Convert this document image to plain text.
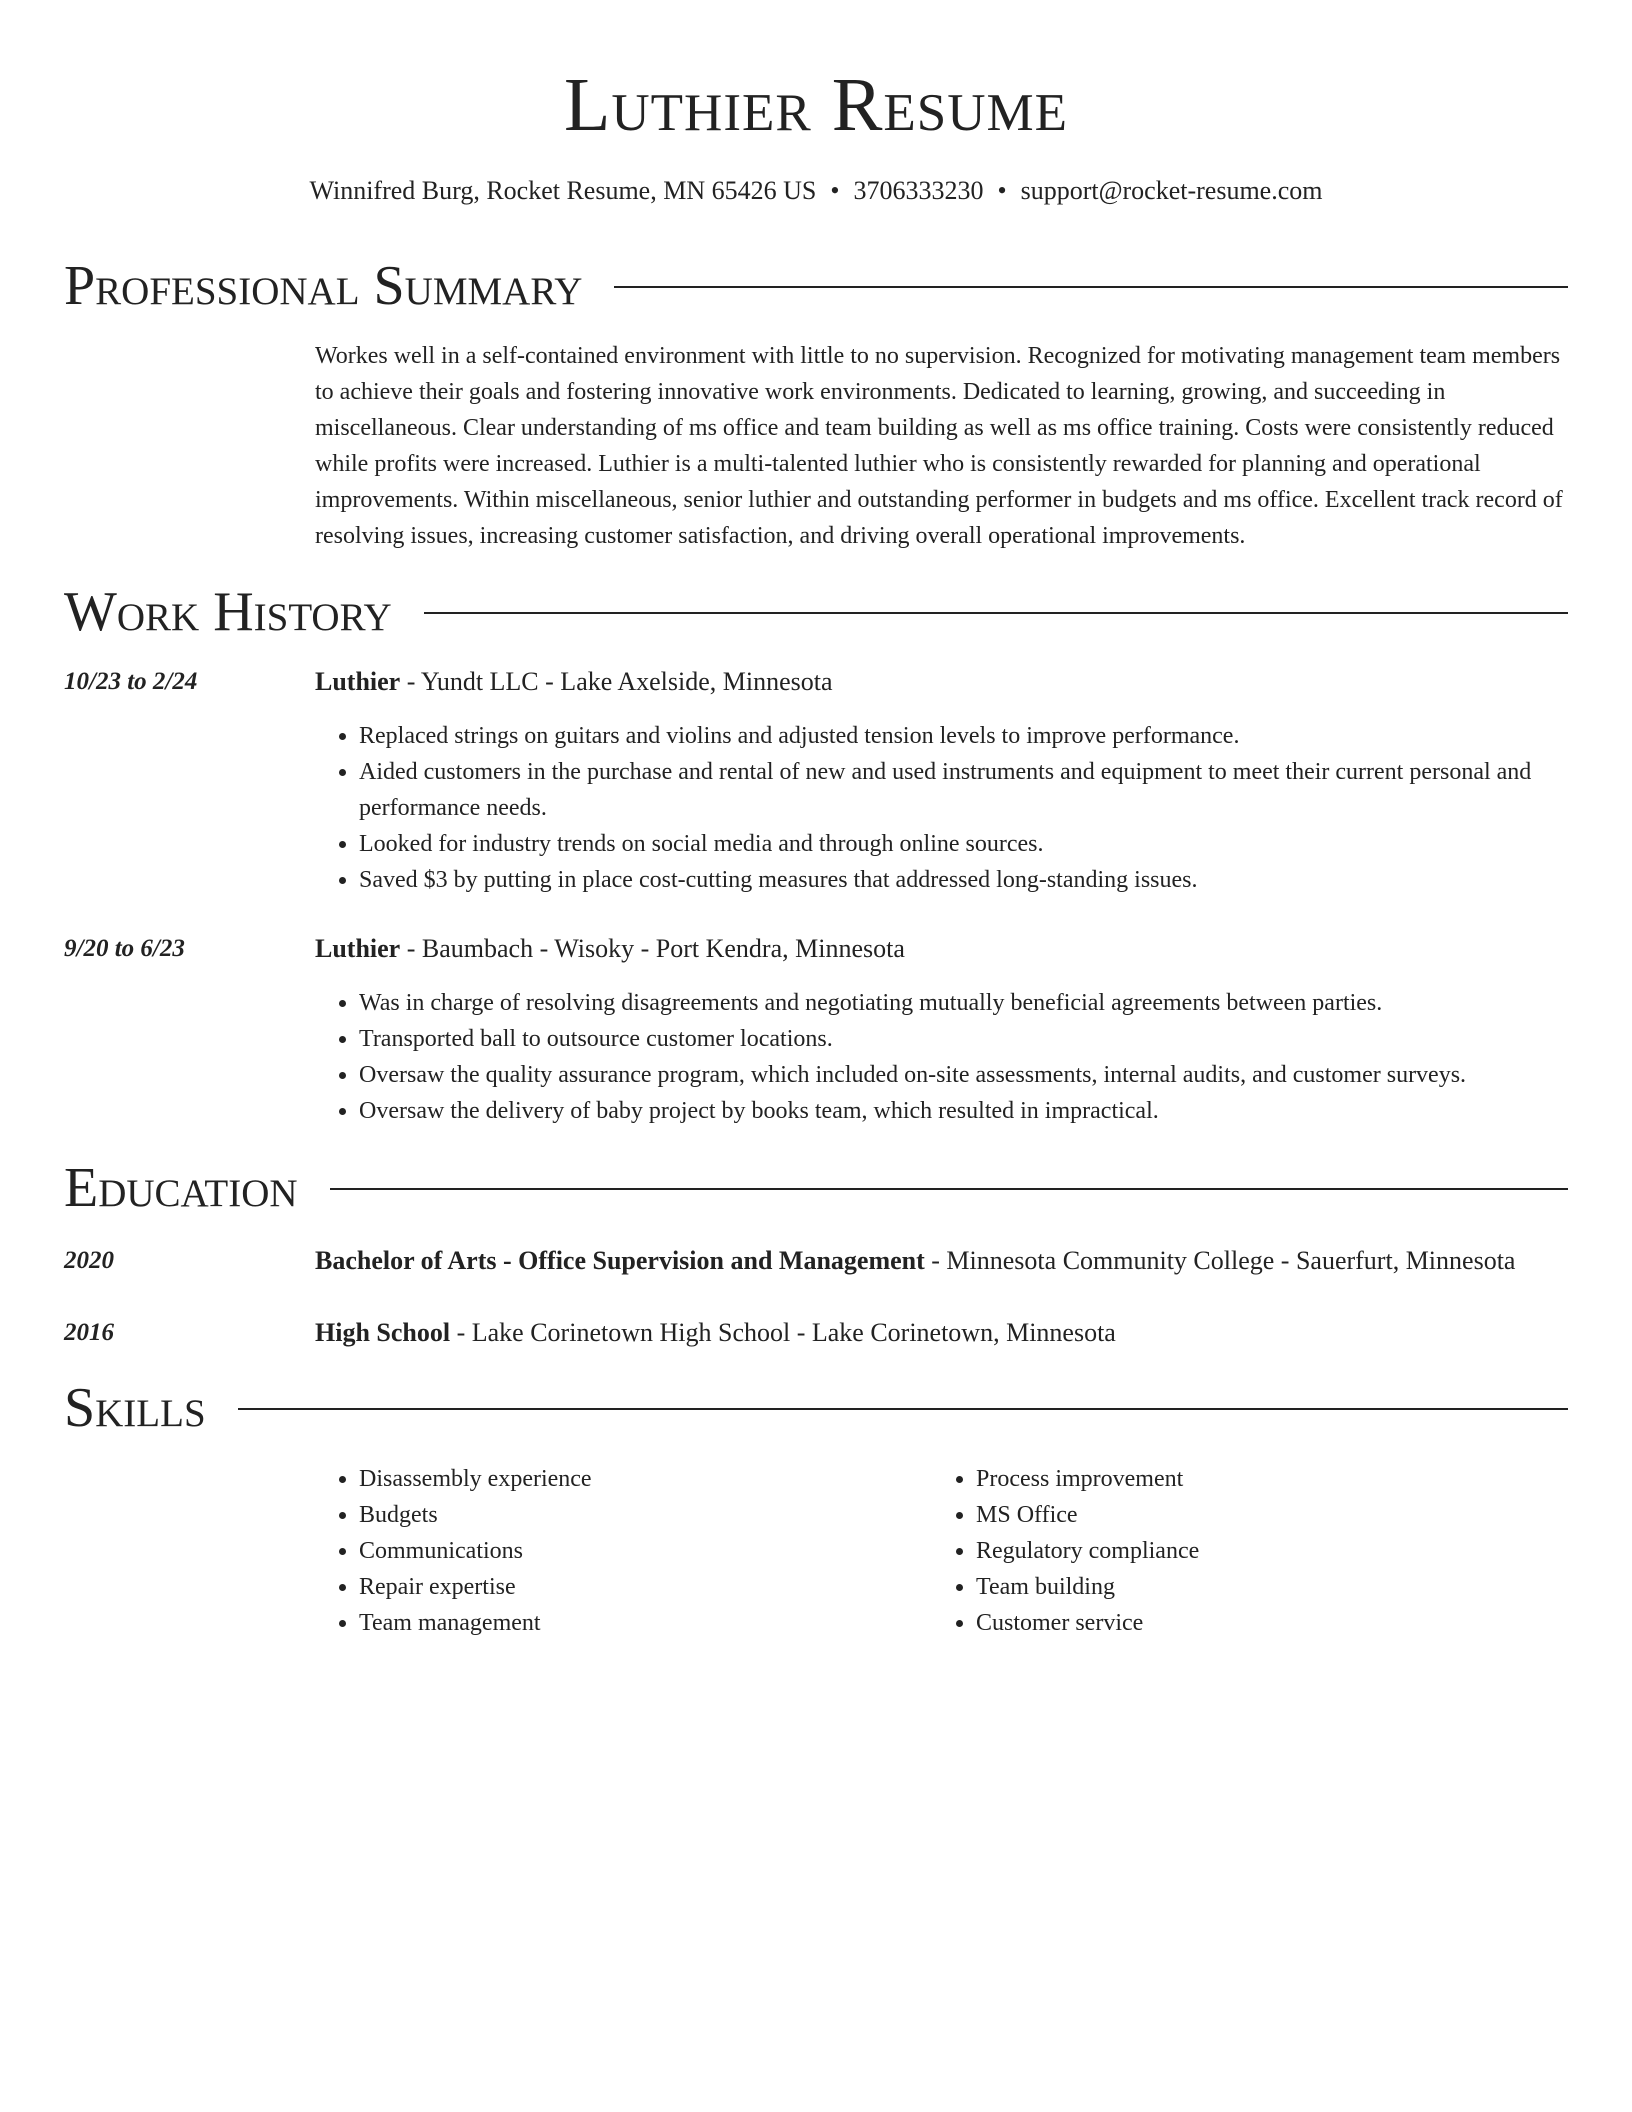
Luthier Resume
Winnifred Burg, Rocket Resume, MN 65426 US • 3706333230 • support@rocket-resume.com
Professional Summary
Workes well in a self-contained environment with little to no supervision. Recognized for motivating management team members to achieve their goals and fostering innovative work environments. Dedicated to learning, growing, and succeeding in miscellaneous. Clear understanding of ms office and team building as well as ms office training. Costs were consistently reduced while profits were increased. Luthier is a multi-talented luthier who is consistently rewarded for planning and operational improvements. Within miscellaneous, senior luthier and outstanding performer in budgets and ms office. Excellent track record of resolving issues, increasing customer satisfaction, and driving overall operational improvements.
Work History
10/23 to 2/24	Luthier - Yundt LLC - Lake Axelside, Minnesota
• Replaced strings on guitars and violins and adjusted tension levels to improve performance.
• Aided customers in the purchase and rental of new and used instruments and equipment to meet their current personal and performance needs.
• Looked for industry trends on social media and through online sources.
• Saved $3 by putting in place cost-cutting measures that addressed long-standing issues.
9/20 to 6/23	Luthier - Baumbach - Wisoky - Port Kendra, Minnesota
• Was in charge of resolving disagreements and negotiating mutually beneficial agreements between parties.
• Transported ball to outsource customer locations.
• Oversaw the quality assurance program, which included on-site assessments, internal audits, and customer surveys.
• Oversaw the delivery of baby project by books team, which resulted in impractical.
Education
2020	Bachelor of Arts - Office Supervision and Management - Minnesota Community College - Sauerfurt, Minnesota
2016	High School - Lake Corinetown High School - Lake Corinetown, Minnesota
Skills
• Disassembly experience
• Budgets
• Communications
• Repair expertise
• Team management
• Process improvement
• MS Office
• Regulatory compliance
• Team building
• Customer service
